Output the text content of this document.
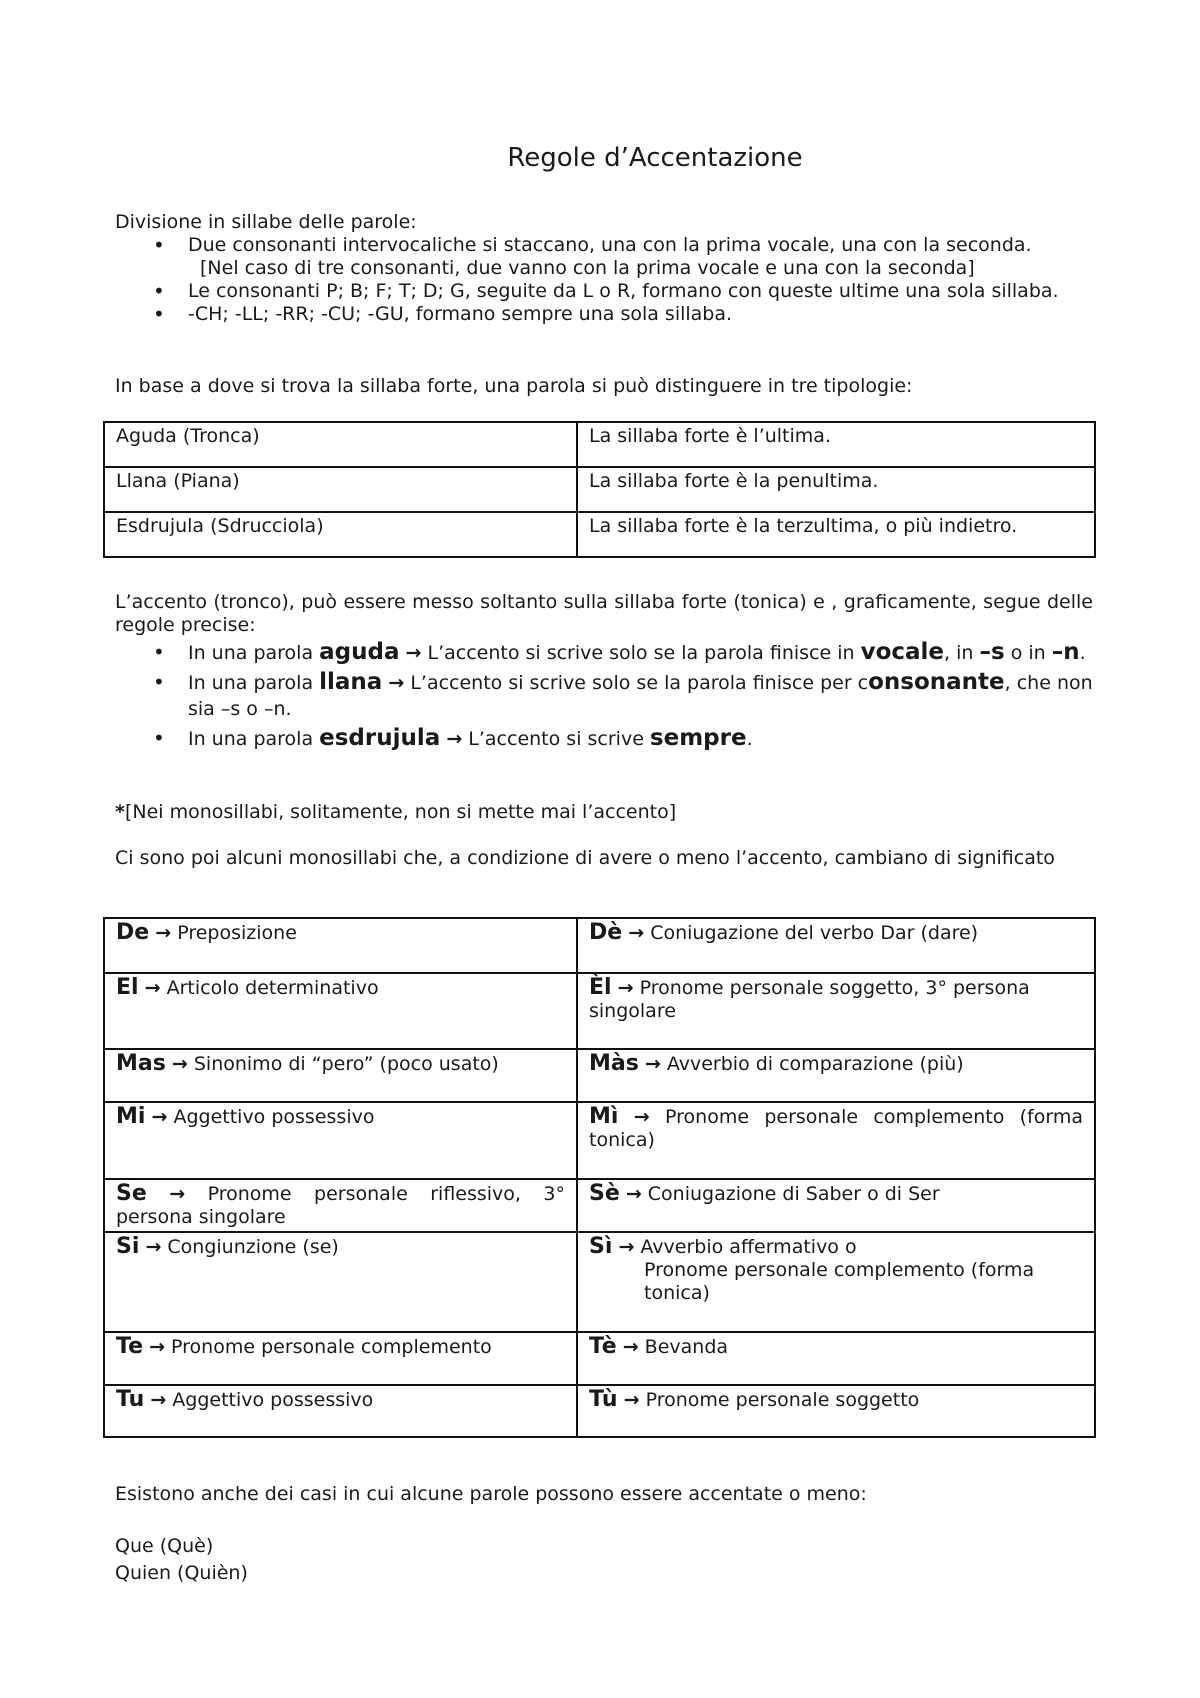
Regole d’Accentazione
Divisione in sillabe delle parole:
• Due consonanti intervocaliche si staccano, una con la prima vocale, una con la seconda.
[Nel caso di tre consonanti, due vanno con la prima vocale e una con la seconda]
• Le consonanti P; B; F; T; D; G, seguite da L o R, formano con queste ultime una sola sillaba.
• -CH; -LL; -RR; -CU; -GU, formano sempre una sola sillaba.
In base a dove si trova la sillaba forte, una parola si può distinguere in tre tipologie:
Aguda (Tronca)	La sillaba forte è l’ultima.
Llana (Piana)	La sillaba forte è la penultima.
Esdrujula (Sdrucciola)	La sillaba forte è la terzultima, o più indietro.
L’accento (tronco), può essere messo soltanto sulla sillaba forte (tonica) e , graficamente, segue delle regole precise:
• In una parola aguda → L’accento si scrive solo se la parola finisce in vocale, in –s o in –n.
• In una parola llana → L’accento si scrive solo se la parola finisce per consonante, che non sia –s o –n.
• In una parola esdrujula → L’accento si scrive sempre.
*[Nei monosillabi, solitamente, non si mette mai l’accento]
Ci sono poi alcuni monosillabi che, a condizione di avere o meno l’accento, cambiano di significato
De → Preposizione	Dè → Coniugazione del verbo Dar (dare)
El → Articolo determinativo	Èl → Pronome personale soggetto, 3° persona singolare
Mas → Sinonimo di “pero” (poco usato)	Màs → Avverbio di comparazione (più)
Mi → Aggettivo possessivo	Mì → Pronome personale complemento (forma tonica)
Se → Pronome personale riflessivo, 3° persona singolare	Sè → Coniugazione di Saber o di Ser
Si → Congiunzione (se)	Sì → Avverbio affermativo o
Pronome personale complemento (forma tonica)

Te → Pronome personale complemento	Tè → Bevanda
Tu → Aggettivo possessivo	Tù → Pronome personale soggetto
Esistono anche dei casi in cui alcune parole possono essere accentate o meno:
Que (Què)
Quien (Quièn)
